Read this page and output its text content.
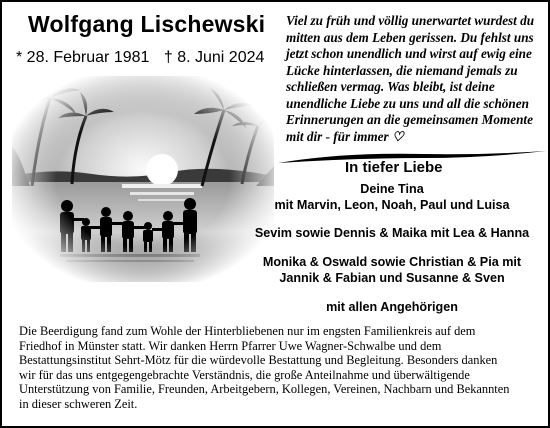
Wolfgang Lischewski
* 28. Februar 1981 † 8. Juni 2024
Viel zu früh und völlig unerwartet wurdest du
mitten aus dem Leben gerissen. Du fehlst uns
jetzt schon unendlich und wirst auf ewig eine
Lücke hinterlassen, die niemand jemals zu
schließen vermag. Was bleibt, ist deine
unendliche Liebe zu uns und all die schönen
Erinnerungen an die gemeinsamen Momente
mit dir - für immer ♡
In tiefer Liebe
Deine Tina
mit Marvin, Leon, Noah, Paul und Luisa
Sevim sowie Dennis & Maika mit Lea & Hanna
Monika & Oswald sowie Christian & Pia mit
Jannik & Fabian und Susanne & Sven
mit allen Angehörigen
Die Beerdigung fand zum Wohle der Hinterbliebenen nur im engsten Familienkreis auf dem
Friedhof in Münster statt. Wir danken Herrn Pfarrer Uwe Wagner-Schwalbe und dem
Bestattungsinstitut Sehrt-Mötz für die würdevolle Bestattung und Begleitung. Besonders danken
wir für das uns entgegengebrachte Verständnis, die große Anteilnahme und überwältigende
Unterstützung von Familie, Freunden, Arbeitgebern, Kollegen, Vereinen, Nachbarn und Bekannten
in dieser schweren Zeit.
